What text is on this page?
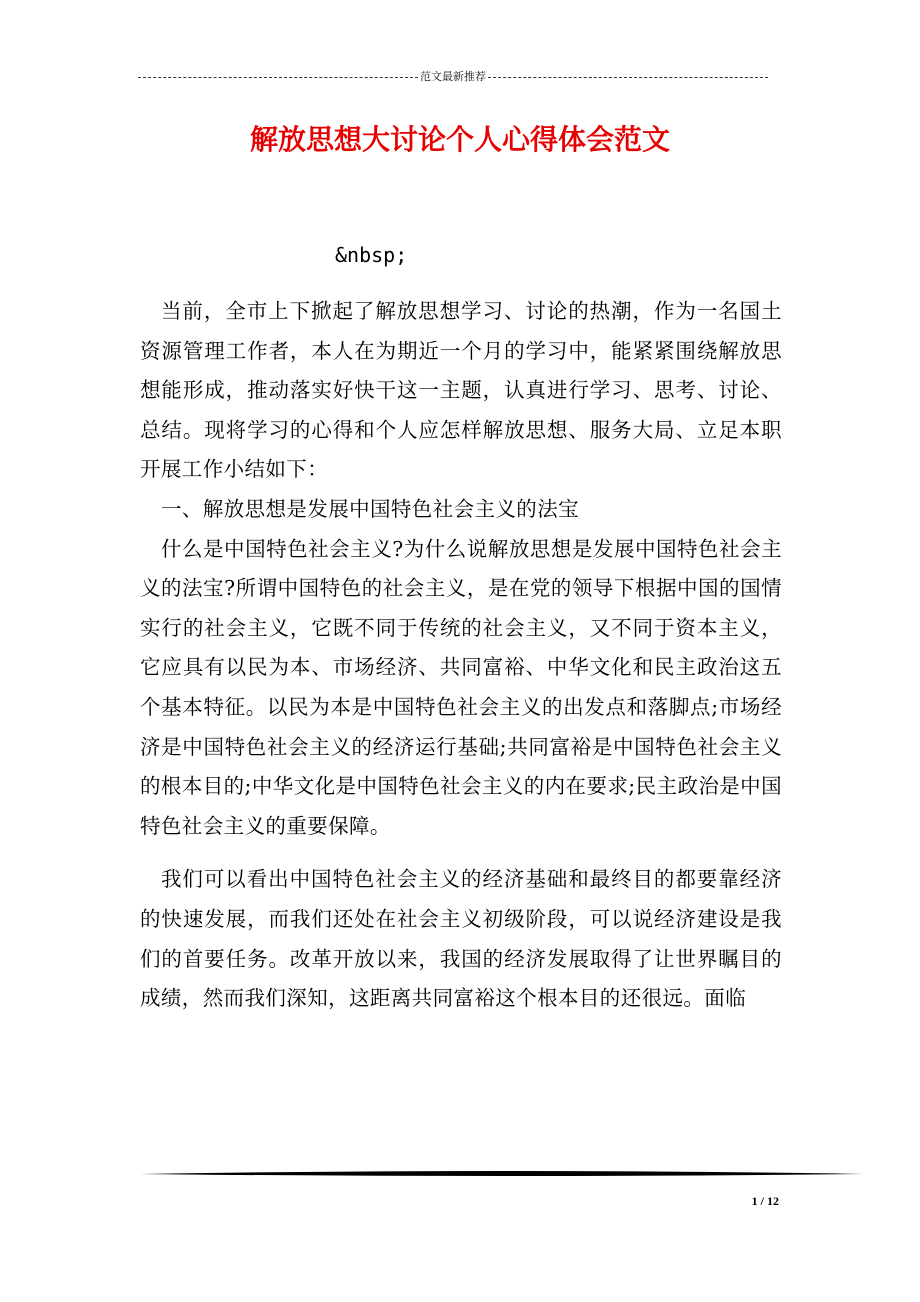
范文最新推荐
解放思想大讨论个人心得体会范文
&nbsp;

当前，全市上下掀起了解放思想学习、讨论的热潮，作为一名国土资源管理工作者，本人在为期近一个月的学习中，能紧紧围绕解放思想能形成，推动落实好快干这一主题，认真进行学习、思考、讨论、总结。现将学习的心得和个人应怎样解放思想、服务大局、立足本职开展工作小结如下：

一、解放思想是发展中国特色社会主义的法宝

什么是中国特色社会主义?为什么说解放思想是发展中国特色社会主义的法宝?所谓中国特色的社会主义，是在党的领导下根据中国的国情实行的社会主义，它既不同于传统的社会主义，又不同于资本主义，它应具有以民为本、市场经济、共同富裕、中华文化和民主政治这五个基本特征。以民为本是中国特色社会主义的出发点和落脚点;市场经济是中国特色社会主义的经济运行基础;共同富裕是中国特色社会主义的根本目的;中华文化是中国特色社会主义的内在要求;民主政治是中国特色社会主义的重要保障。

我们可以看出中国特色社会主义的经济基础和最终目的都要靠经济的快速发展，而我们还处在社会主义初级阶段，可以说经济建设是我们的首要任务。改革开放以来，我国的经济发展取得了让世界瞩目的成绩，然而我们深知，这距离共同富裕这个根本目的还很远。面临

1 / 12
